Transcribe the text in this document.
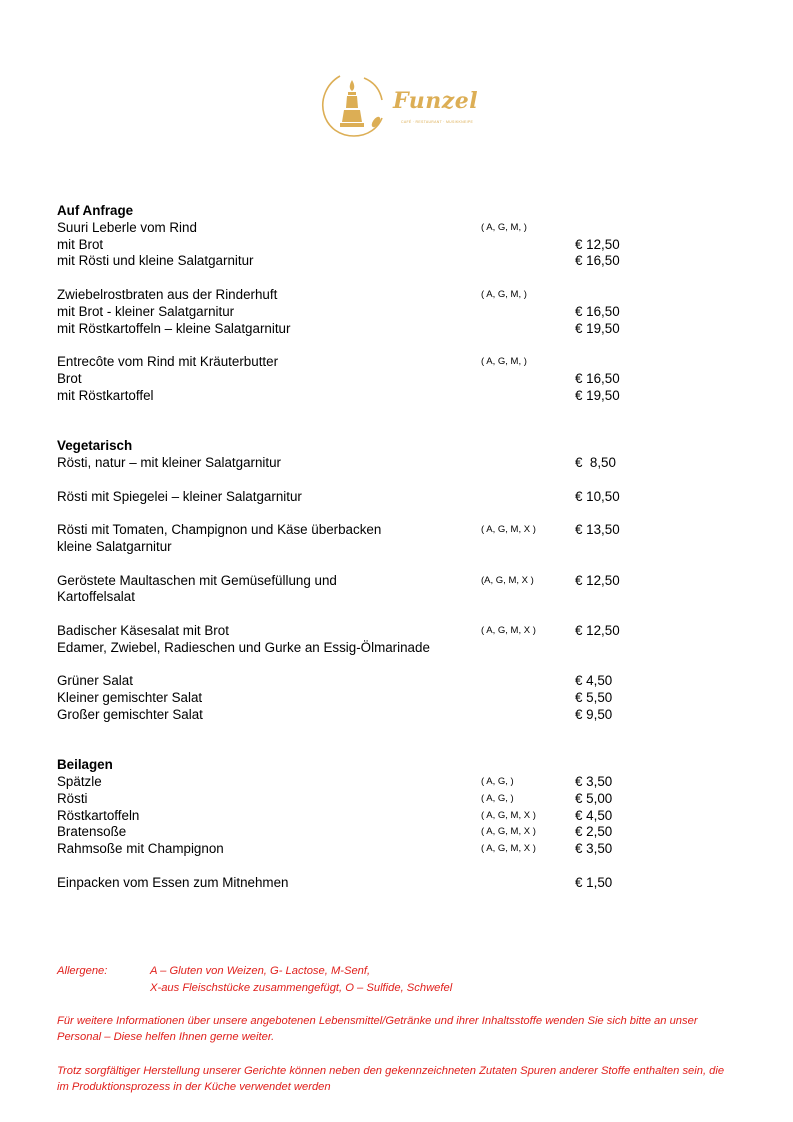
Funzel
CAFÉ · RESTAURANT · MUSIKKNEIPE
Auf Anfrage
Suuri Leberle vom Rind	( A, G, M, )
mit Brot	€ 12,50
mit Rösti und kleine Salatgarnitur	€ 16,50
Zwiebelrostbraten aus der Rinderhuft	( A, G, M, )
mit Brot - kleiner Salatgarnitur	€ 16,50
mit Röstkartoffeln – kleine Salatgarnitur	€ 19,50
Entrecôte vom Rind mit Kräuterbutter	( A, G, M, )
Brot	€ 16,50
mit Röstkartoffel	€ 19,50
Vegetarisch
Rösti, natur – mit kleiner Salatgarnitur	€  8,50
Rösti mit Spiegelei – kleiner Salatgarnitur	€ 10,50
Rösti mit Tomaten, Champignon und Käse überbacken	( A, G, M, X )	€ 13,50
kleine Salatgarnitur
Geröstete Maultaschen mit Gemüsefüllung und	(A, G, M, X )	€ 12,50
Kartoffelsalat
Badischer Käsesalat mit Brot	( A, G, M, X )	€ 12,50
Edamer, Zwiebel, Radieschen und Gurke an Essig-Ölmarinade
Grüner Salat	€ 4,50
Kleiner gemischter Salat	€ 5,50
Großer gemischter Salat	€ 9,50
Beilagen
Spätzle	( A, G, )	€ 3,50
Rösti	( A, G, )	€ 5,00
Röstkartoffeln	( A, G, M, X )	€ 4,50
Bratensoße	( A, G, M, X )	€ 2,50
Rahmsoße mit Champignon	( A, G, M, X )	€ 3,50
Einpacken vom Essen zum Mitnehmen	€ 1,50
Allergene:	A – Gluten von Weizen, G- Lactose, M-Senf,
X-aus Fleischstücke zusammengefügt, O – Sulfide, Schwefel
Für weitere Informationen über unsere angebotenen Lebensmittel/Getränke und ihrer Inhaltsstoffe wenden Sie sich bitte an unser Personal – Diese helfen Ihnen gerne weiter.
Trotz sorgfältiger Herstellung unserer Gerichte können neben den gekennzeichneten Zutaten Spuren anderer Stoffe enthalten sein, die im Produktionsprozess in der Küche verwendet werden
